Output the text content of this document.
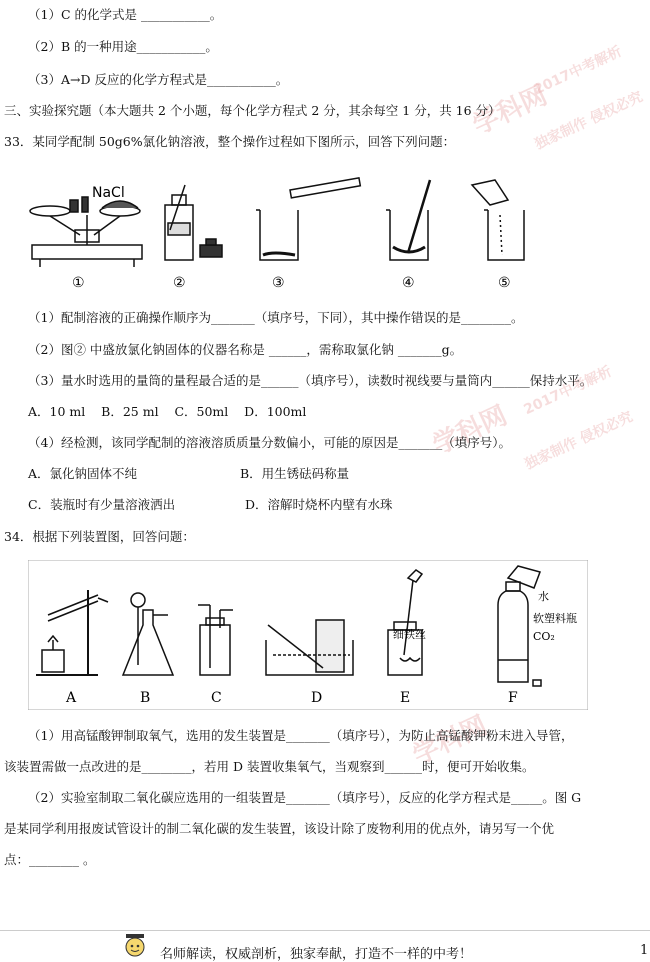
学科网
2017中考解析
独家制作 侵权必究
学科网
2017中考解析
独家制作 侵权必究
学科网
（1）C 的化学式是 ___________。
（2）B 的一种用途___________。
（3）A→D 反应的化学方程式是___________。
三、实验探究题（本大题共 2 个小题，每个化学方程式 2 分，其余每空 1 分，共 16 分）
33．某同学配制 50g6%氯化钠溶液，整个操作过程如下图所示，回答下列问题：
NaCl
①	②	③	④	⑤
（1）配制溶液的正确操作顺序为_______（填序号，下同），其中操作错误的是________。
（2）图② 中盛放氯化钠固体的仪器名称是 ______，需称取氯化钠 _______g。
（3）量水时选用的量筒的量程最合适的是______（填序号），读数时视线要与量筒内______保持水平。
A．10 ml    B．25 ml    C．50ml    D．100ml
（4）经检测，该同学配制的溶液溶质质量分数偏小，可能的原因是_______（填序号）。
A．氯化钠固体不纯	B．用生锈砝码称量
C．装瓶时有少量溶液洒出	D．溶解时烧杯内壁有水珠
34．根据下列装置图，回答问题：
细铁丝
水
软塑料瓶
CO₂
A	B	C	D	E	F
（1）用高锰酸钾制取氧气，选用的发生装置是_______（填序号），为防止高锰酸钾粉末进入导管，
该装置需做一点改进的是________，若用 D 装置收集氧气，当观察到______时，便可开始收集。
（2）实验室制取二氧化碳应选用的一组装置是_______（填序号），反应的化学方程式是_____。图 G
是某同学利用报废试管设计的制二氧化碳的发生装置，该设计除了废物利用的优点外，请另写一个优
点：________ 。
名师解读，权威剖析，独家奉献，打造不一样的中考！	1
